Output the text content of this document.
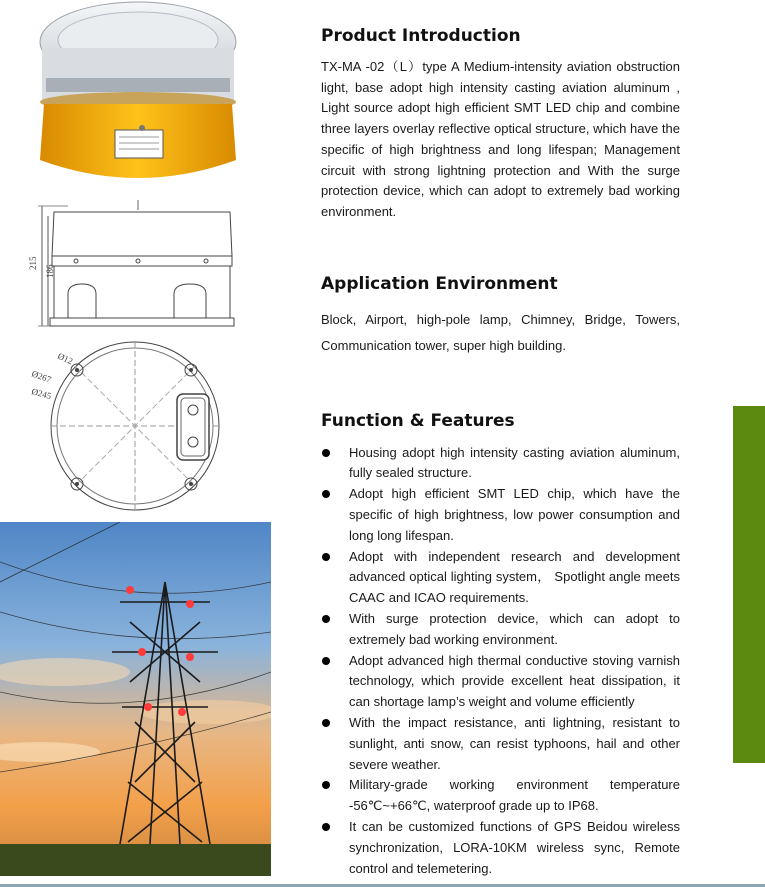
215
186
Ø12
Ø267
Ø245
Product Introduction

TX-MA -02（L）type A Medium-intensity aviation obstruction light, base adopt high intensity casting aviation aluminum , Light source adopt high efficient SMT LED chip and combine three layers overlay reflective optical structure, which have the specific of high brightness and long lifespan; Management circuit with strong lightning protection and With the surge protection device, which can adopt to extremely bad working environment.

Application Environment

Block, Airport, high-pole lamp, Chimney, Bridge, Towers, Communication tower, super high building.

Function & Features
Housing adopt high intensity casting aviation aluminum, fully sealed structure.
Adopt high efficient SMT LED chip, which have the specific of high brightness, low power consumption and long long lifespan.
Adopt with independent research and development advanced optical lighting system， Spotlight angle meets CAAC and ICAO requirements.
With surge protection device, which can adopt to extremely bad working environment.
Adopt advanced high thermal conductive stoving varnish technology, which provide excellent heat dissipation, it can shortage lamp’s weight and volume efficiently
With the impact resistance, anti lightning, resistant to sunlight, anti snow, can resist typhoons, hail and other severe weather.
Military-grade working environment temperature -56℃~+66℃, waterproof grade up to IP68.
It can be customized functions of GPS Beidou wireless synchronization, LORA-10KM wireless sync, Remote control and telemetering.
